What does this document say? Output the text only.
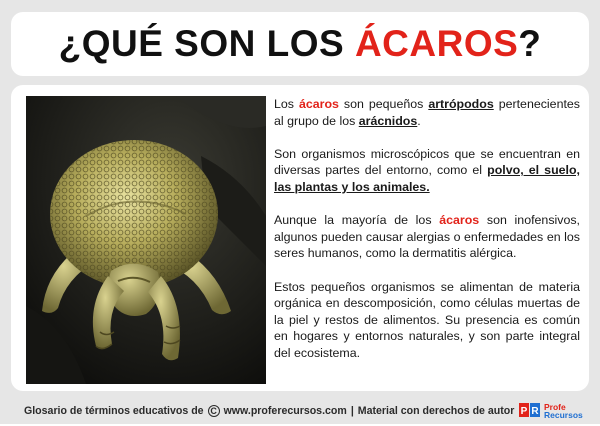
¿QUÉ SON LOS ÁCAROS?

Los ácaros son pequeños artrópodos pertenecientes al grupo de los arácnidos.

Son organismos microscópicos que se encuentran en diversas partes del entorno, como el polvo, el suelo, las plantas y los animales.

Aunque la mayoría de los ácaros son inofensivos, algunos pueden causar alergias o enfermedades en los seres humanos, como la dermatitis alérgica.

Estos pequeños organismos se alimentan de materia orgánica en descomposición, como células muertas de la piel y restos de alimentos. Su presencia es común en hogares y entornos naturales, y son parte integral del ecosistema.

Glosario de términos educativos de C www.proferecursos.com | Material con derechos de autor P R Profe
Recursos
